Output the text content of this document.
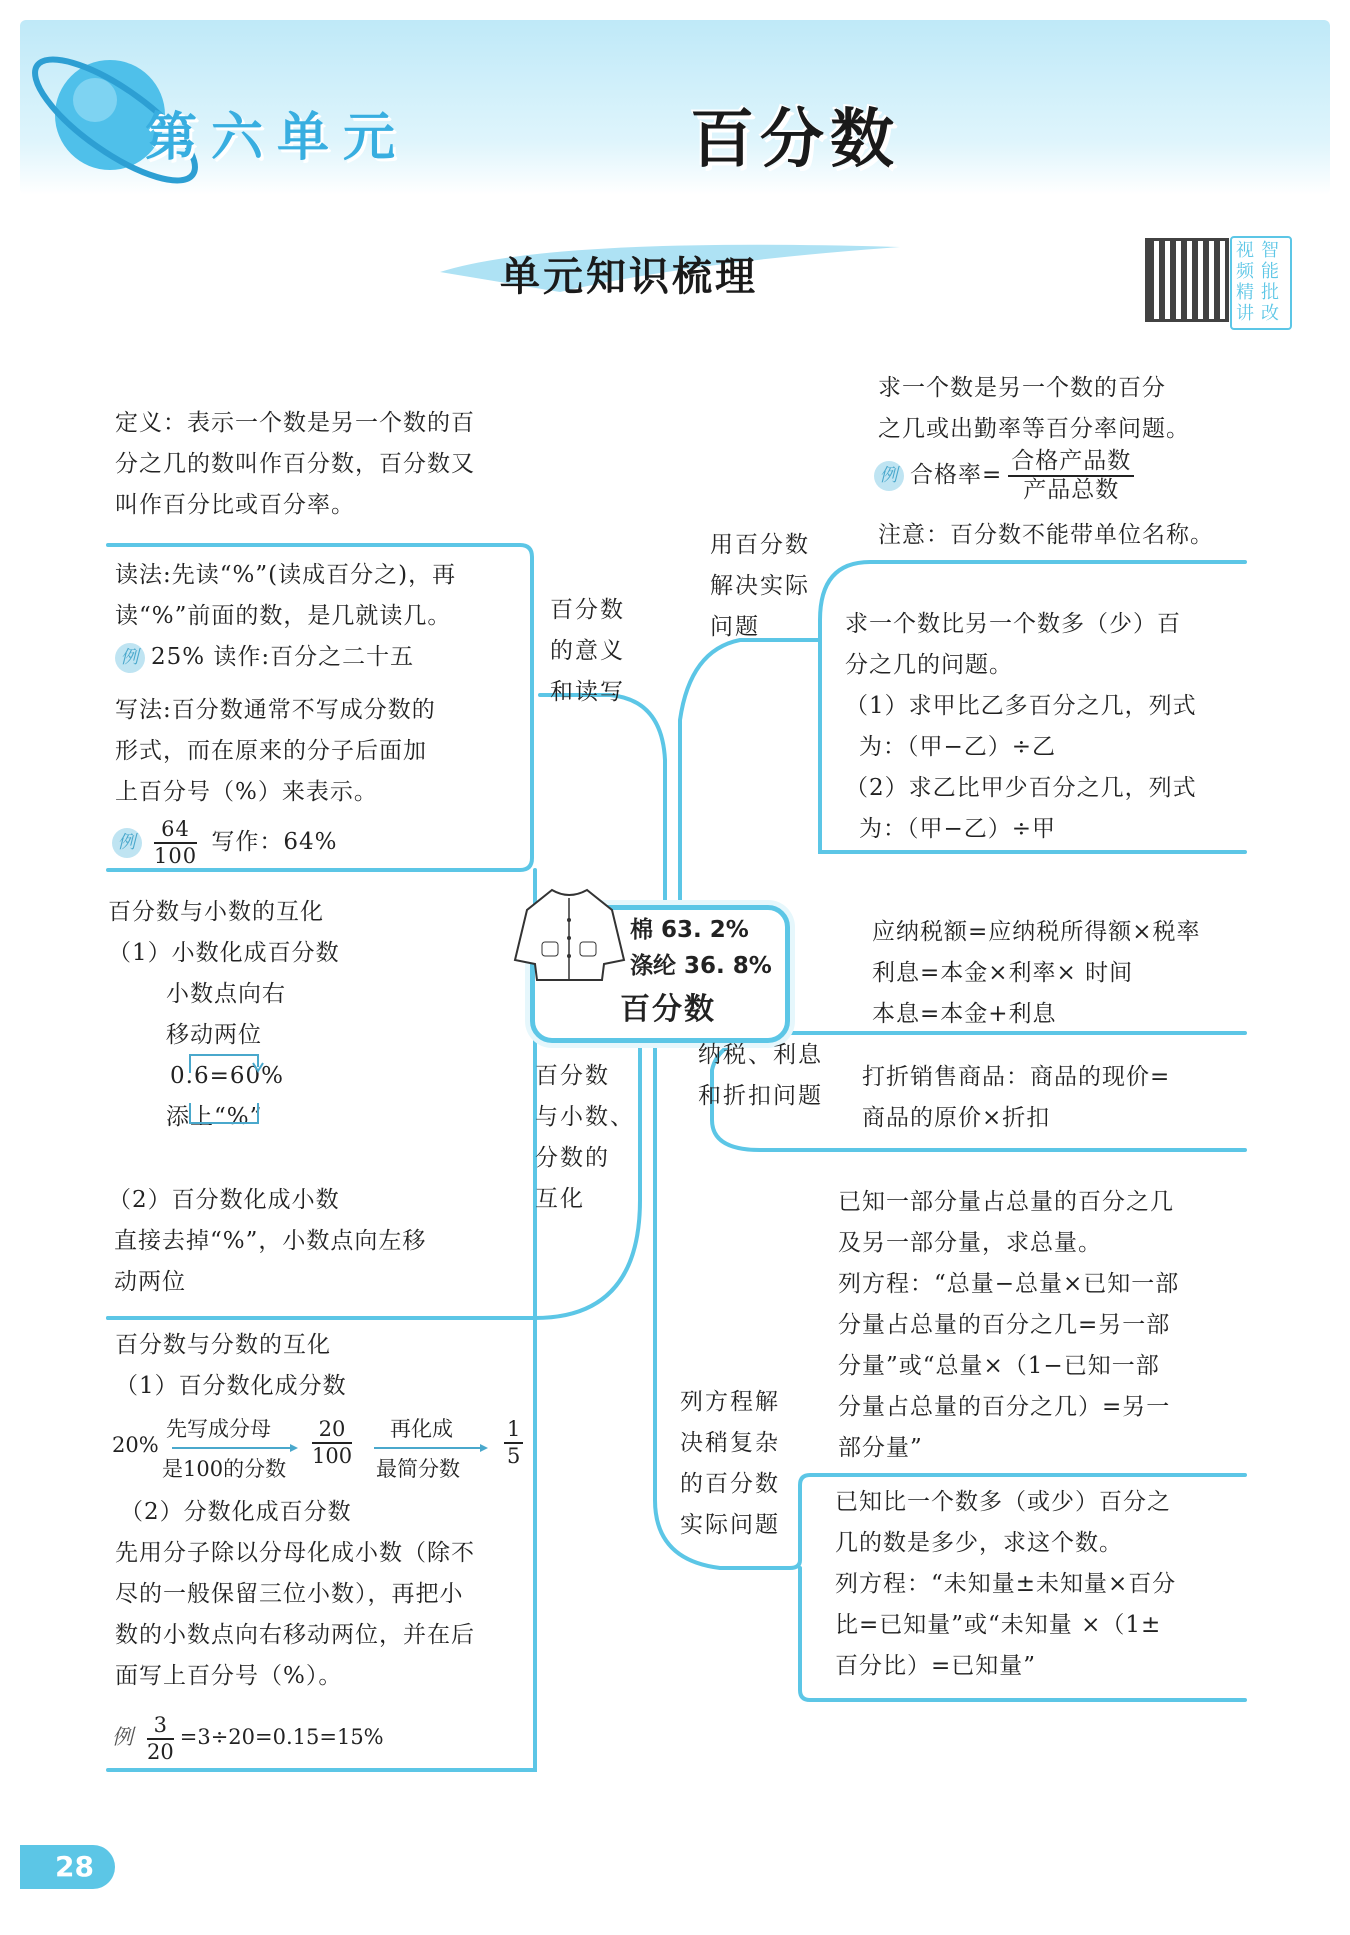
第六单元	百分数
单元知识梳理
视频
智能
精讲
批改
棉 63. 2%
涤纶 36. 8%
百分数
定义：表示一个数是另一个数的百
分之几的数叫作百分数，百分数又
叫作百分比或百分率。
读法:先读“%”(读成百分之)，再
读“%”前面的数，是几就读几。
例 25% 读作:百分之二十五
写法:百分数通常不写成分数的
形式，而在原来的分子后面加
上百分号（%）来表示。
例 $\frac{64}{100}$ 写作：64%
百分数
的意义
和读写
百分数与小数的互化
（1）小数化成百分数
小数点向右
移动两位
0.6=60%
添上“%”
百分数
与小数、
分数的
互化
（2）百分数化成小数
直接去掉“%”，小数点向左移
动两位
百分数与分数的互化
（1）百分数化成分数
20%
先写成分母
是100的分数
$\frac{20}{100}$ 再化成
最简分数
$\frac{1}{5}$
（2）分数化成百分数
先用分子除以分母化成小数（除不
尽的一般保留三位小数），再把小
数的小数点向右移动两位，并在后
面写上百分号（%）。
例 $\frac{3}{20} =3\div 20=0.15=15\%$
求一个数是另一个数的百分
之几或出勤率等百分率问题。
例 合格率= $\frac{\text{合格产品数}}{\text{产品总数}}$
注意：百分数不能带单位名称。
用百分数
解决实际
问题	求一个数比另一个数多（少）百
分之几的问题。
（1）求甲比乙多百分之几，列式
为：（甲−乙）÷乙
（2）求乙比甲少百分之几，列式
为：（甲−乙）÷甲
应纳税额=应纳税所得额×税率
利息=本金×利率× 时间
本息=本金+利息
纳税、利息
和折扣问题
打折销售商品：商品的现价=
商品的原价×折扣
已知一部分量占总量的百分之几
及另一部分量，求总量。
列方程：“总量−总量×已知一部
分量占总量的百分之几=另一部
分量”或“总量×（1−已知一部
分量占总量的百分之几）=另一
部分量”
列方程解
决稍复杂
的百分数
实际问题
已知比一个数多（或少）百分之
几的数是多少，求这个数。
列方程：“未知量±未知量×百分
比=已知量”或“未知量 ×（1±
百分比）=已知量”
28
